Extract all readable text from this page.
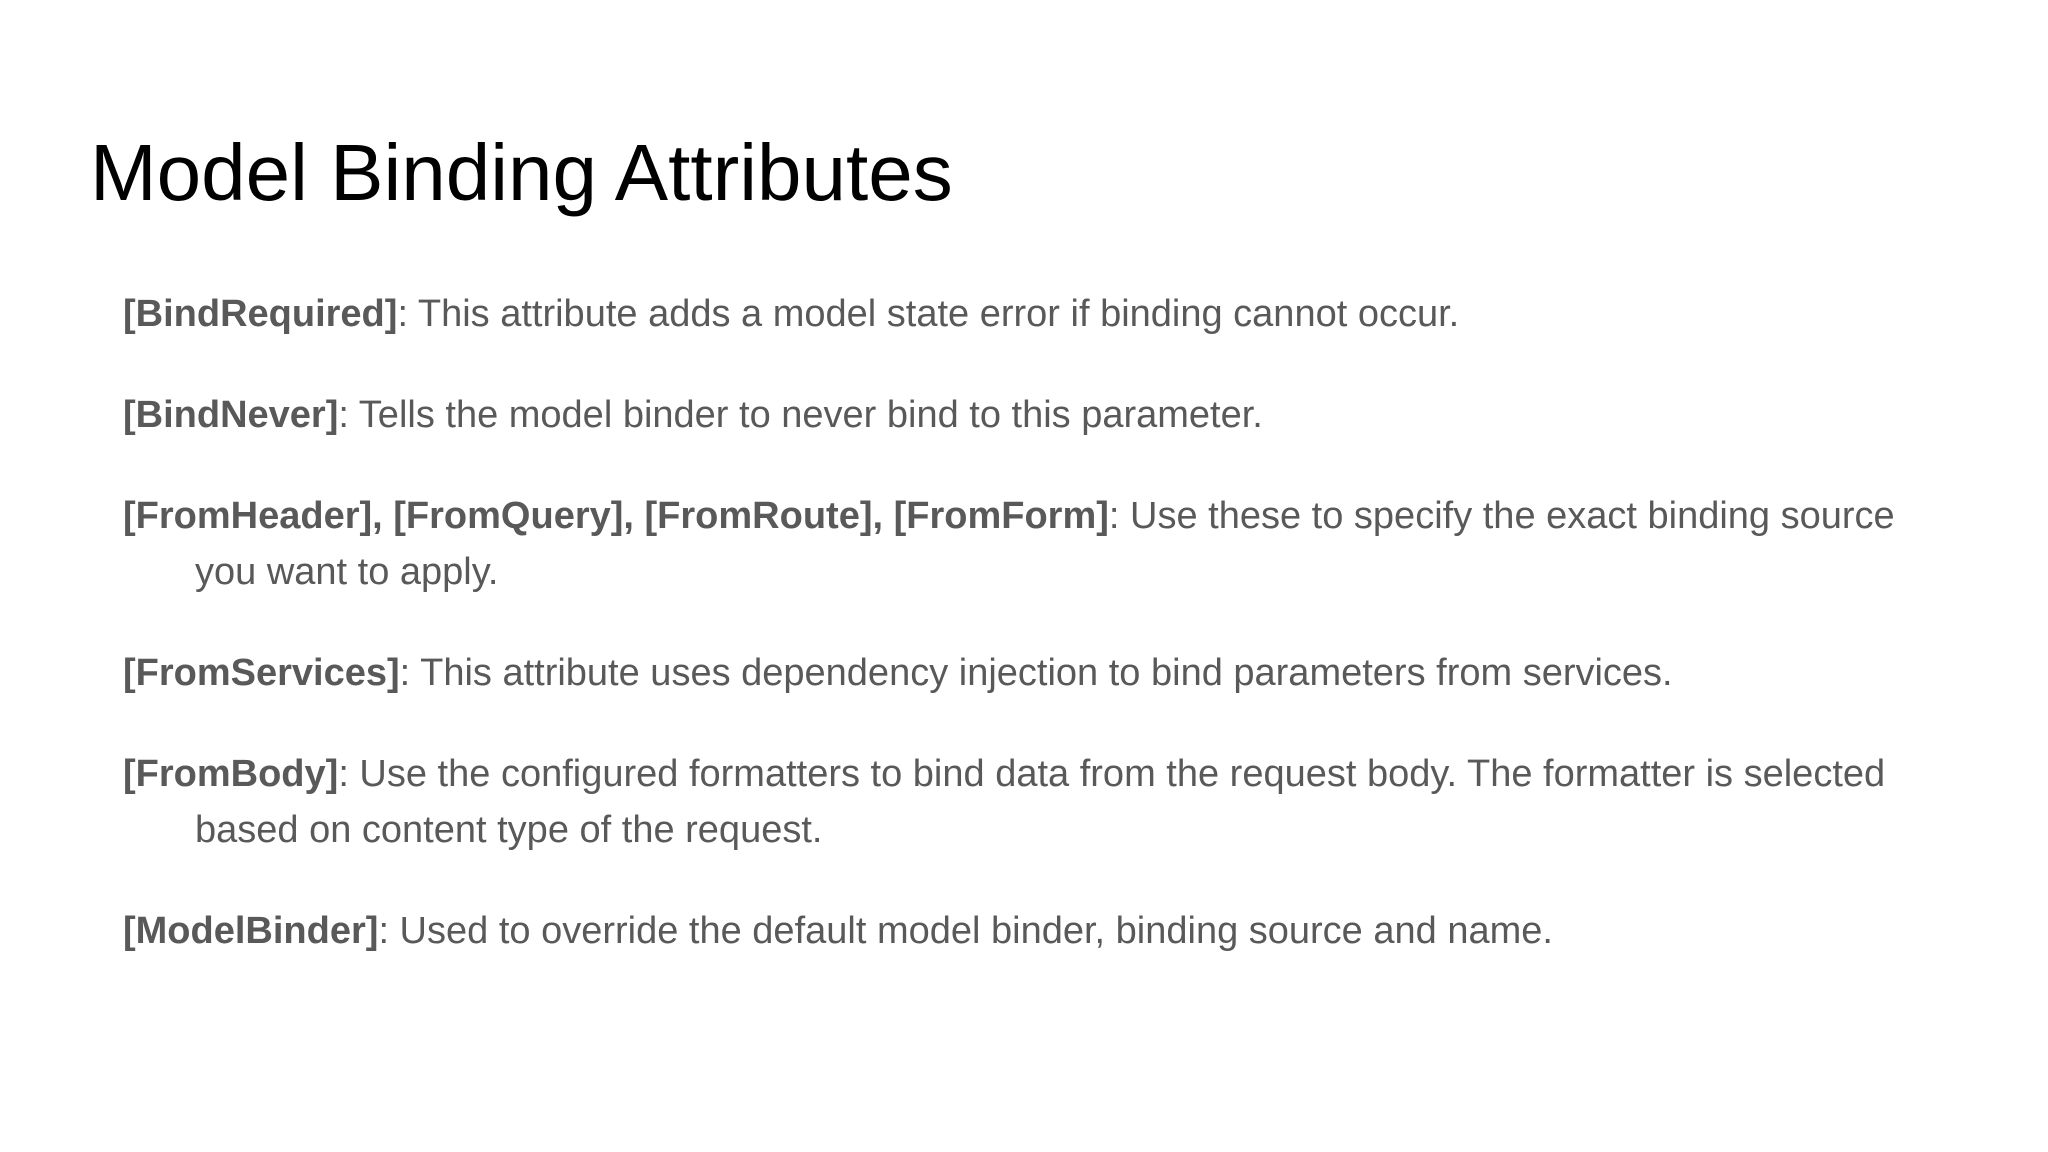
Model Binding Attributes
[BindRequired]: This attribute adds a model state error if binding cannot occur.
[BindNever]: Tells the model binder to never bind to this parameter.
[FromHeader], [FromQuery], [FromRoute], [FromForm]: Use these to specify the exact binding source you want to apply.
[FromServices]: This attribute uses dependency injection to bind parameters from services.
[FromBody]: Use the configured formatters to bind data from the request body. The formatter is selected based on content type of the request.
[ModelBinder]: Used to override the default model binder, binding source and name.
